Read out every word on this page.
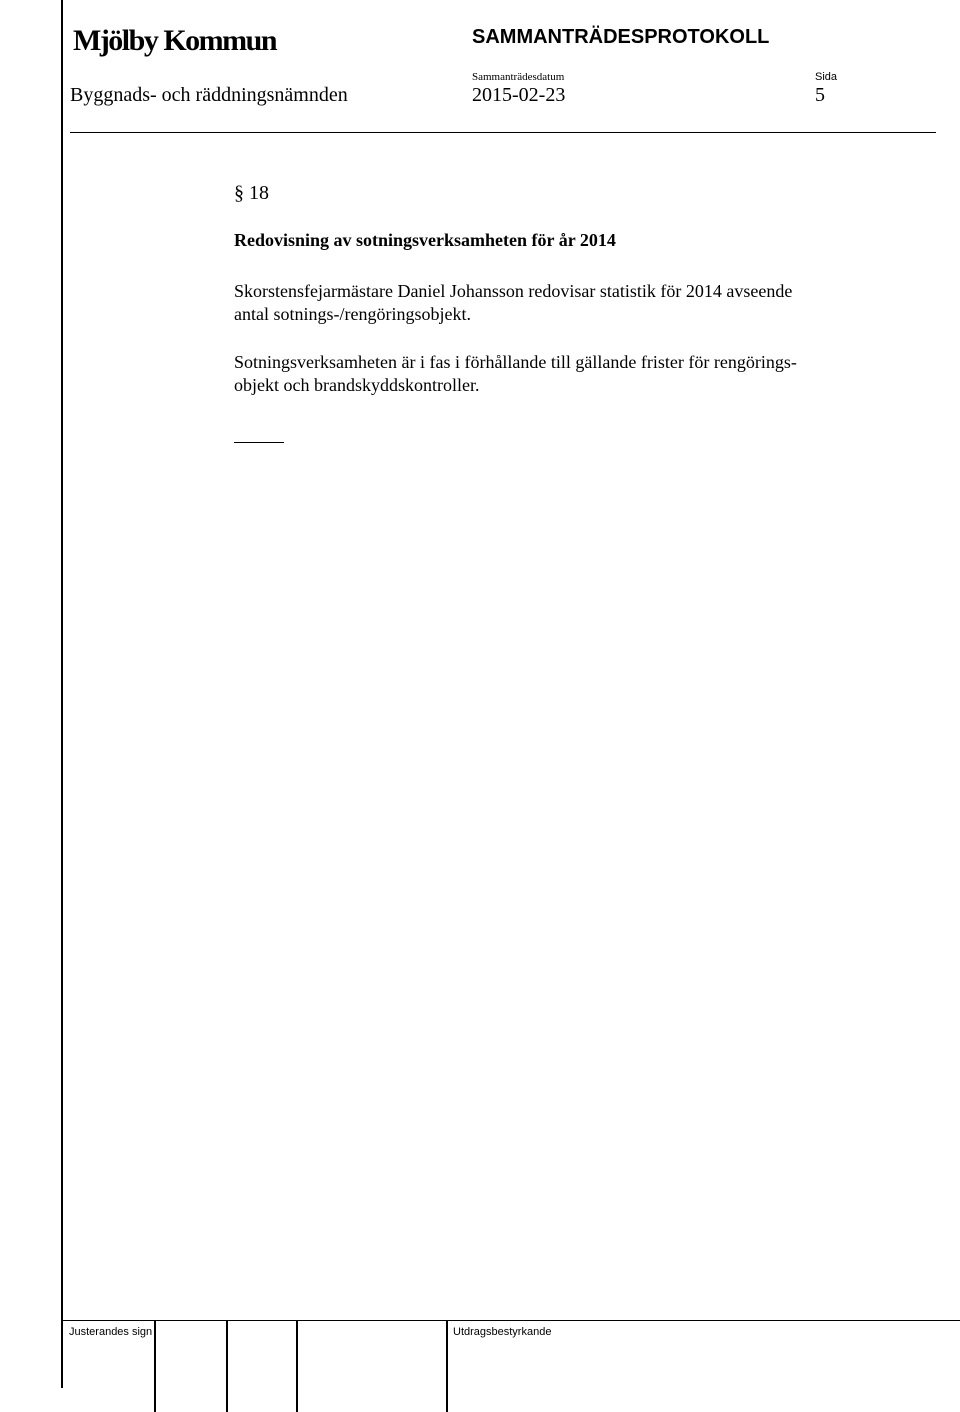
Mjölby Kommun	SAMMANTRÄDESPROTOKOLL
Sammanträdesdatum	Sida
Byggnads- och räddningsnämnden	2015-02-23	5
§ 18
Redovisning av sotningsverksamheten för år 2014
Skorstensfejarmästare Daniel Johansson redovisar statistik för 2014 avseende
antal sotnings-/rengöringsobjekt.
Sotningsverksamheten är i fas i förhållande till gällande frister för rengörings-
objekt och brandskyddskontroller.
Justerandes sign	Utdragsbestyrkande
